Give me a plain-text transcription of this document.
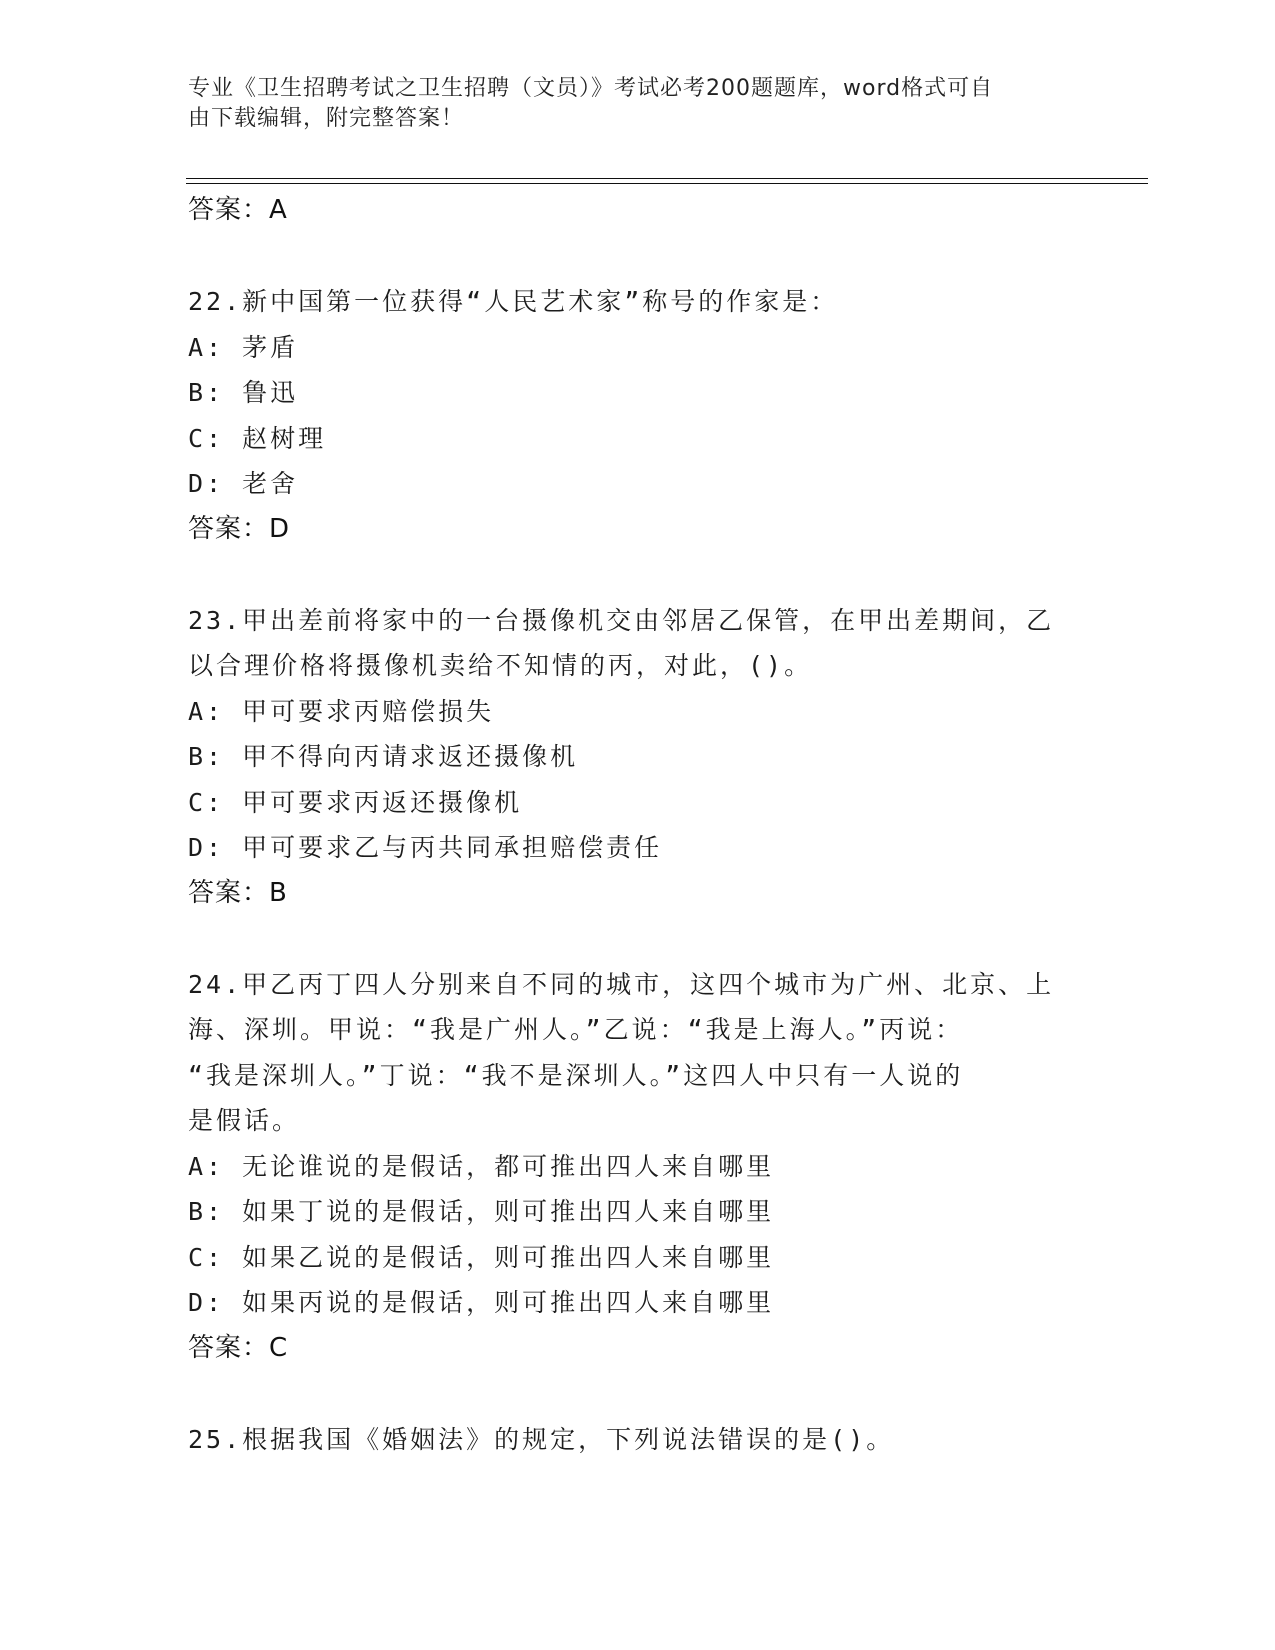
专业《卫生招聘考试之卫生招聘（文员）》考试必考200题题库，word格式可自
由下载编辑，附完整答案！
答案：A
22.新中国第一位获得“人民艺术家”称号的作家是：
A: 茅盾
B: 鲁迅
C: 赵树理
D: 老舍
答案：D
23.甲出差前将家中的一台摄像机交由邻居乙保管，在甲出差期间，乙
以合理价格将摄像机卖给不知情的丙，对此，()。
A: 甲可要求丙赔偿损失
B: 甲不得向丙请求返还摄像机
C: 甲可要求丙返还摄像机
D: 甲可要求乙与丙共同承担赔偿责任
答案：B
24.甲乙丙丁四人分别来自不同的城市，这四个城市为广州、北京、上
海、深圳。甲说：“我是广州人。”乙说：“我是上海人。”丙说：
“我是深圳人。”丁说：“我不是深圳人。”这四人中只有一人说的
是假话。
A: 无论谁说的是假话，都可推出四人来自哪里
B: 如果丁说的是假话，则可推出四人来自哪里
C: 如果乙说的是假话，则可推出四人来自哪里
D: 如果丙说的是假话，则可推出四人来自哪里
答案：C
25.根据我国《婚姻法》的规定，下列说法错误的是()。
